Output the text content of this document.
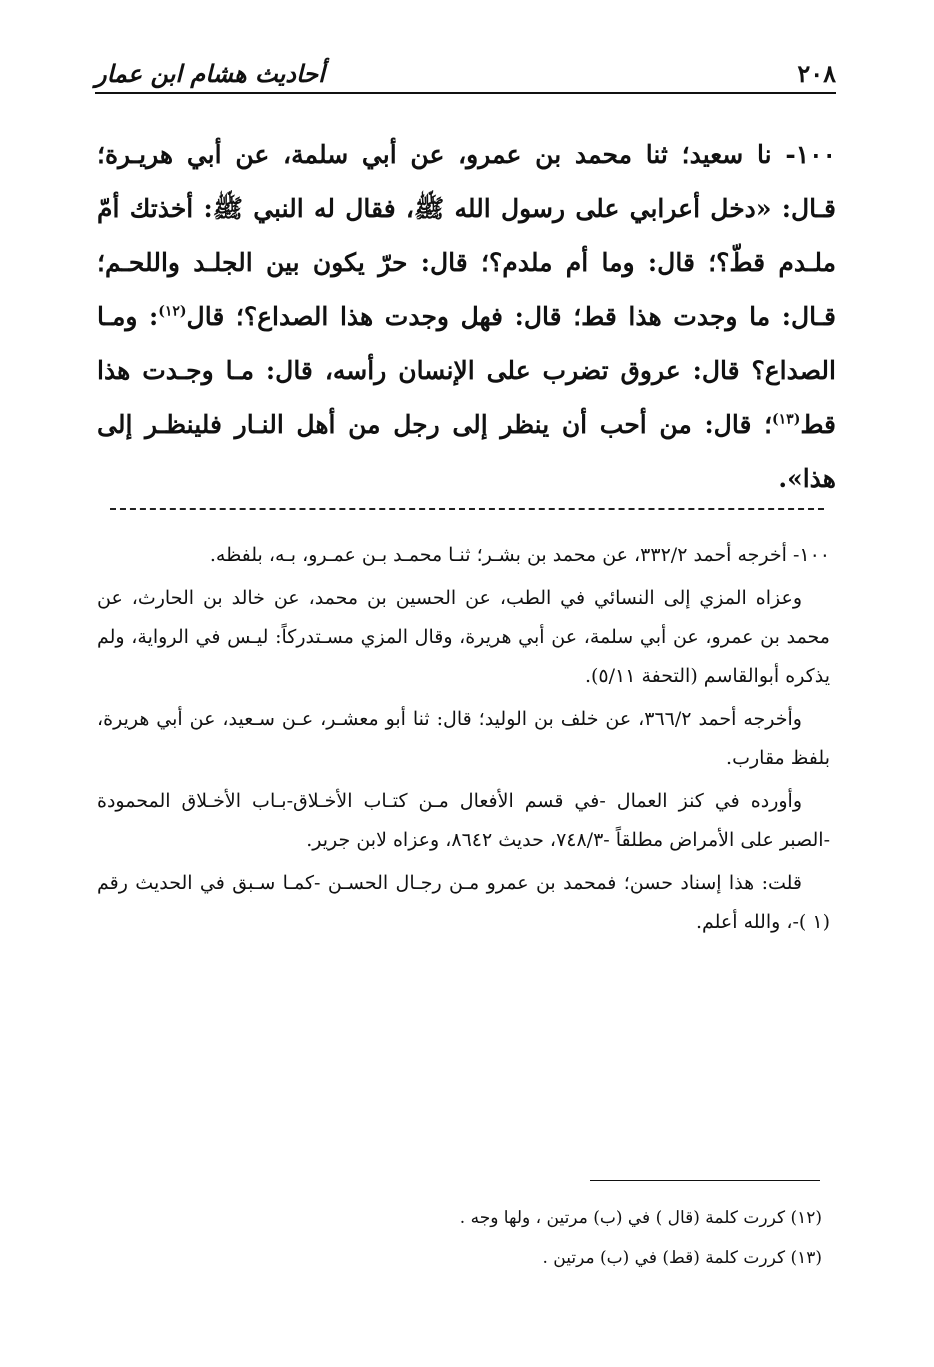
٢٠٨
أحاديث هشام ابن عمار

١٠٠- نا سعيد؛ ثنا محمد بن عمرو، عن أبي سلمة، عن أبي هريـرة؛ قـال: «دخل أعرابي على رسول الله ﷺ، فقال له النبي ﷺ: أخذتك أمّ ملـدم قطّ؟؛ قال: وما أم ملدم؟؛ قال: حرّ يكون بين الجلـد واللحـم؛ قـال: ما وجدت هذا قط؛ قال: فهل وجدت هذا الصداع؟؛ قال$^{(١٢)}$: ومـا الصداع؟ قال: عروق تضرب على الإنسان رأسه، قال: مـا وجـدت هذا قط$^{(١٣)}$؛ قال: من أحب أن ينظر إلى رجل من أهل النـار فلينظـر إلى هذا».

١٠٠- أخرجه أحمد ٣٣٢/٢، عن محمد بن بشـر؛ ثنـا محمـد بـن عمـرو، بـه، بلفظه.

وعزاه المزي إلى النسائي في الطب، عن الحسين بن محمد، عن خالد بن الحارث، عن محمد بن عمرو، عن أبي سلمة، عن أبي هريرة، وقال المزي مسـتدركاً: ليـس في الرواية، ولم يذكره أبوالقاسم (التحفة ٥/١١).

وأخرجه أحمد ٣٦٦/٢، عن خلف بن الوليد؛ قال: ثنا أبو معشـر، عـن سـعيد، عن أبي هريرة، بلفظ مقارب.

وأورده في كنز العمال -في قسم الأفعال مـن كتـاب الأخـلاق-بـاب الأخـلاق المحمودة -الصبر على الأمراض مطلقاً -٧٤٨/٣، حديث ٨٦٤٢، وعزاه لابن جرير.

قلت: هذا إسناد حسن؛ فمحمد بن عمرو مـن رجـال الحسـن -كمـا سـبق في الحديث رقم (١ )-، والله أعلم.

(١٢) كررت كلمة (قال ) في (ب) مرتين ، ولها وجه .

(١٣) كررت كلمة (قط) في (ب) مرتين .
